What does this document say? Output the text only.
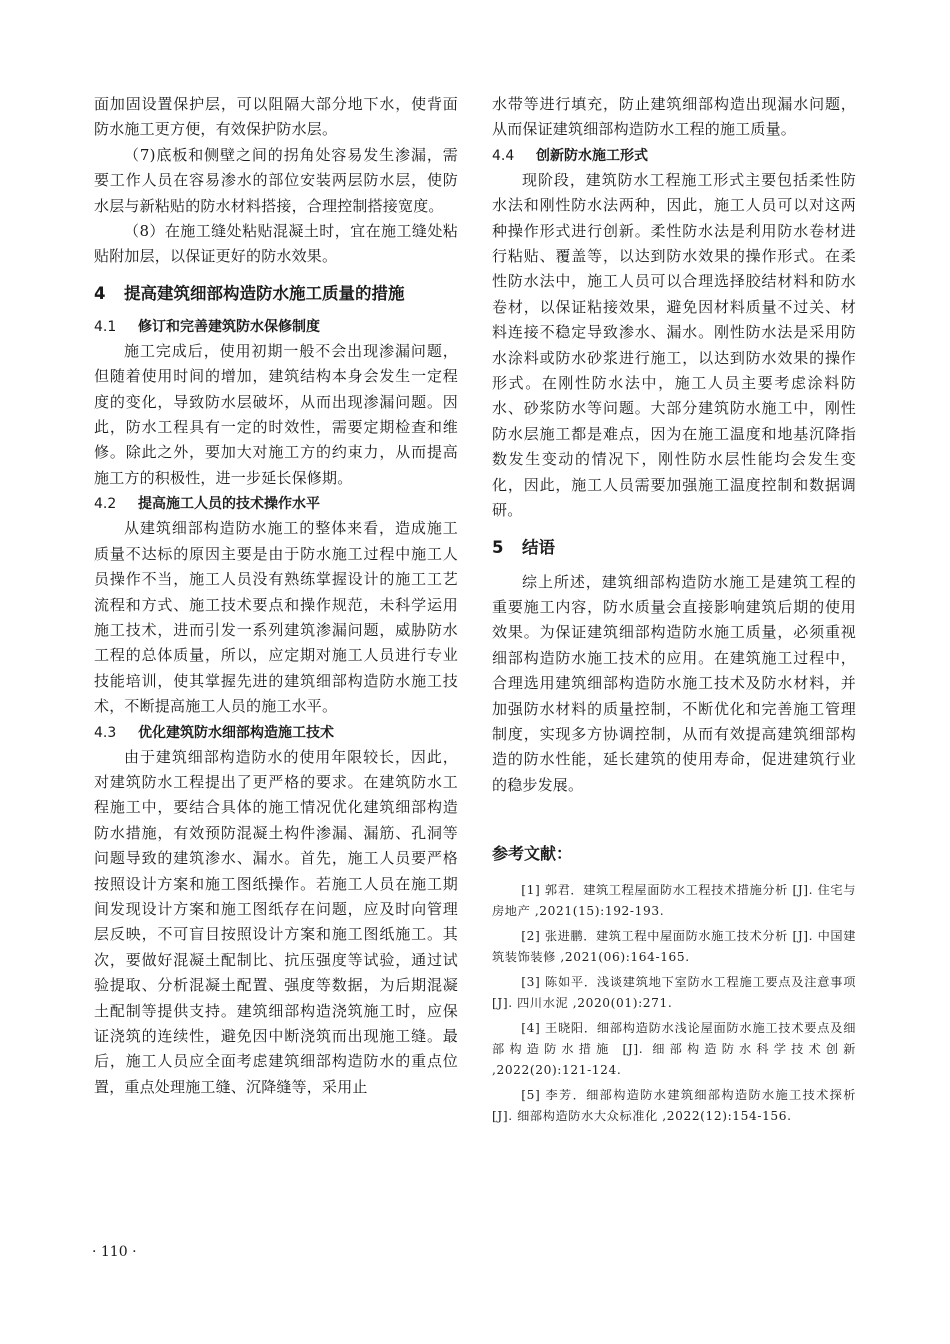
面加固设置保护层，可以阻隔大部分地下水，使背面防水施工更方便，有效保护防水层。

（7)底板和侧壁之间的拐角处容易发生渗漏，需要工作人员在容易渗水的部位安装两层防水层，使防水层与新粘贴的防水材料搭接，合理控制搭接宽度。

（8）在施工缝处粘贴混凝土时，宜在施工缝处粘贴附加层，以保证更好的防水效果。

4 提高建筑细部构造防水施工质量的措施
4.1 修订和完善建筑防水保修制度

施工完成后，使用初期一般不会出现渗漏问题，但随着使用时间的增加，建筑结构本身会发生一定程度的变化，导致防水层破坏，从而出现渗漏问题。因此，防水工程具有一定的时效性，需要定期检查和维修。除此之外，要加大对施工方的约束力，从而提高施工方的积极性，进一步延长保修期。

4.2 提高施工人员的技术操作水平

从建筑细部构造防水施工的整体来看，造成施工质量不达标的原因主要是由于防水施工过程中施工人员操作不当，施工人员没有熟练掌握设计的施工工艺流程和方式、施工技术要点和操作规范，未科学运用施工技术，进而引发一系列建筑渗漏问题，威胁防水工程的总体质量，所以，应定期对施工人员进行专业技能培训，使其掌握先进的建筑细部构造防水施工技术，不断提高施工人员的施工水平。

4.3 优化建筑防水细部构造施工技术

由于建筑细部构造防水的使用年限较长，因此，对建筑防水工程提出了更严格的要求。在建筑防水工程施工中，要结合具体的施工情况优化建筑细部构造防水措施，有效预防混凝土构件渗漏、漏筋、孔洞等问题导致的建筑渗水、漏水。首先，施工人员要严格按照设计方案和施工图纸操作。若施工人员在施工期间发现设计方案和施工图纸存在问题，应及时向管理层反映，不可盲目按照设计方案和施工图纸施工。其次，要做好混凝土配制比、抗压强度等试验，通过试验提取、分析混凝土配置、强度等数据，为后期混凝土配制等提供支持。建筑细部构造浇筑施工时，应保证浇筑的连续性，避免因中断浇筑而出现施工缝。最后，施工人员应全面考虑建筑细部构造防水的重点位置，重点处理施工缝、沉降缝等，采用止

水带等进行填充，防止建筑细部构造出现漏水问题，从而保证建筑细部构造防水工程的施工质量。

4.4 创新防水施工形式

现阶段，建筑防水工程施工形式主要包括柔性防水法和刚性防水法两种，因此，施工人员可以对这两种操作形式进行创新。柔性防水法是利用防水卷材进行粘贴、覆盖等，以达到防水效果的操作形式。在柔性防水法中，施工人员可以合理选择胶结材料和防水卷材，以保证粘接效果，避免因材料质量不过关、材料连接不稳定导致渗水、漏水。刚性防水法是采用防水涂料或防水砂浆进行施工，以达到防水效果的操作形式。在刚性防水法中，施工人员主要考虑涂料防水、砂浆防水等问题。大部分建筑防水施工中，刚性防水层施工都是难点，因为在施工温度和地基沉降指数发生变动的情况下，刚性防水层性能均会发生变化，因此，施工人员需要加强施工温度控制和数据调研。

5 结语

综上所述，建筑细部构造防水施工是建筑工程的重要施工内容，防水质量会直接影响建筑后期的使用效果。为保证建筑细部构造防水施工质量，必须重视细部构造防水施工技术的应用。在建筑施工过程中，合理选用建筑细部构造防水施工技术及防水材料，并加强防水材料的质量控制，不断优化和完善施工管理制度，实现多方协调控制，从而有效提高建筑细部构造的防水性能，延长建筑的使用寿命，促进建筑行业的稳步发展。

参考文献：

[1] 郭君．建筑工程屋面防水工程技术措施分析 [J]. 住宅与房地产 ,2021(15):192-193.

[2] 张进鹏．建筑工程中屋面防水施工技术分析 [J]. 中国建筑装饰装修 ,2021(06):164-165.

[3] 陈如平．浅谈建筑地下室防水工程施工要点及注意事项 [J]. 四川水泥 ,2020(01):271.

[4] 王晓阳．细部构造防水浅论屋面防水施工技术要点及细部构造防水措施 [J]. 细部构造防水科学技术创新 ,2022(20):121-124.

[5] 李芳．细部构造防水建筑细部构造防水施工技术探析 [J]. 细部构造防水大众标准化 ,2022(12):154-156.

· 110 ·
